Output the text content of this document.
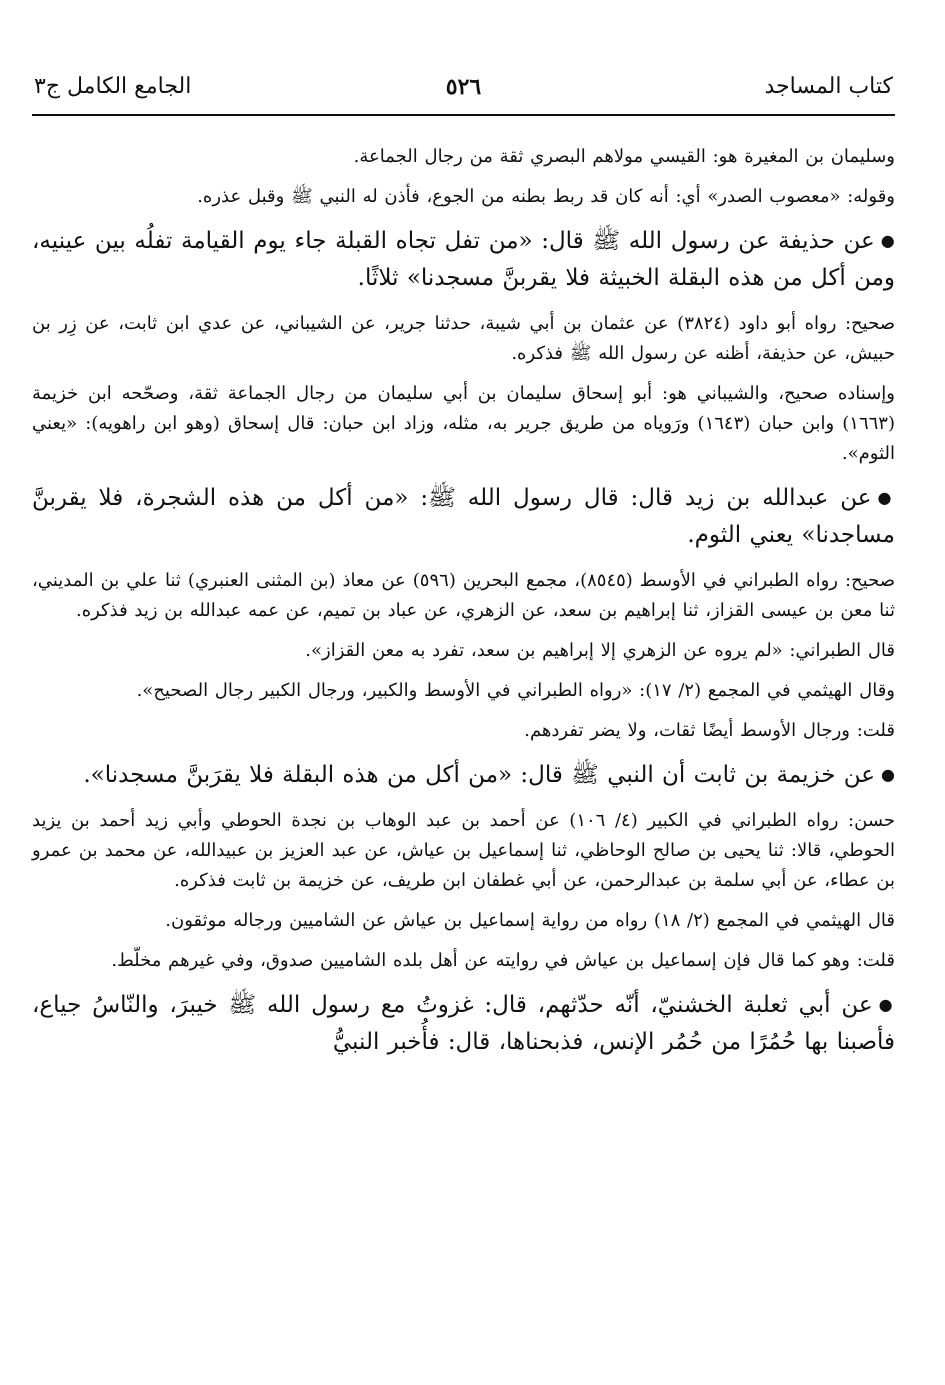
كتاب المساجد
٥٢٦
الجامع الكامل ج٣
وسليمان بن المغيرة هو: القيسي مولاهم البصري ثقة من رجال الجماعة.
وقوله: «معصوب الصدر» أي: أنه كان قد ربط بطنه من الجوع، فأذن له النبي ﷺ وقبل عذره.
●عن حذيفة عن رسول الله ﷺ قال: «من تفل تجاه القبلة جاء يوم القيامة تفلُه بين عينيه، ومن أكل من هذه البقلة الخبيثة فلا يقربنَّ مسجدنا» ثلاثًا.
صحيح: رواه أبو داود (٣٨٢٤) عن عثمان بن أبي شيبة، حدثنا جرير، عن الشيباني، عن عدي ابن ثابت، عن زِر بن حبيش، عن حذيفة، أظنه عن رسول الله ﷺ فذكره.
وإسناده صحيح، والشيباني هو: أبو إسحاق سليمان بن أبي سليمان من رجال الجماعة ثقة، وصحّحه ابن خزيمة (١٦٦٣) وابن حبان (١٦٤٣) ورَوياه من طريق جرير به، مثله، وزاد ابن حبان: قال إسحاق (وهو ابن راهويه): «يعني الثوم».
●عن عبدالله بن زيد قال: قال رسول الله ﷺ: «من أكل من هذه الشجرة، فلا يقربنَّ مساجدنا» يعني الثوم.
صحيح: رواه الطبراني في الأوسط (٨٥٤٥)، مجمع البحرين (٥٩٦) عن معاذ (بن المثنى العنبري) ثنا علي بن المديني، ثنا معن بن عيسى القزاز، ثنا إبراهيم بن سعد، عن الزهري، عن عباد بن تميم، عن عمه عبدالله بن زيد فذكره.
قال الطبراني: «لم يروه عن الزهري إلا إبراهيم بن سعد، تفرد به معن القزاز».
وقال الهيثمي في المجمع (٢/ ١٧): «رواه الطبراني في الأوسط والكبير، ورجال الكبير رجال الصحيح».
قلت: ورجال الأوسط أيضًا ثقات، ولا يضر تفردهم.
●عن خزيمة بن ثابت أن النبي ﷺ قال: «من أكل من هذه البقلة فلا يقرَبنَّ مسجدنا».
حسن: رواه الطبراني في الكبير (٤/ ١٠٦) عن أحمد بن عبد الوهاب بن نجدة الحوطي وأبي زيد أحمد بن يزيد الحوطي، قالا: ثنا يحيى بن صالح الوحاظي، ثنا إسماعيل بن عياش، عن عبد العزيز بن عبيدالله، عن محمد بن عمرو بن عطاء، عن أبي سلمة بن عبدالرحمن، عن أبي غطفان ابن طريف، عن خزيمة بن ثابت فذكره.
قال الهيثمي في المجمع (٢/ ١٨) رواه من رواية إسماعيل بن عياش عن الشاميين ورجاله موثقون.
قلت: وهو كما قال فإن إسماعيل بن عياش في روايته عن أهل بلده الشاميين صدوق، وفي غيرهم مخلّط.
●عن أبي ثعلبة الخشنيّ، أنّه حدّثهم، قال: غزوتُ مع رسول الله ﷺ خيبرَ، والنّاسُ جياع، فأصبنا بها حُمُرًا من حُمُر الإنس، فذبحناها، قال: فأُخبر النبيُّ
